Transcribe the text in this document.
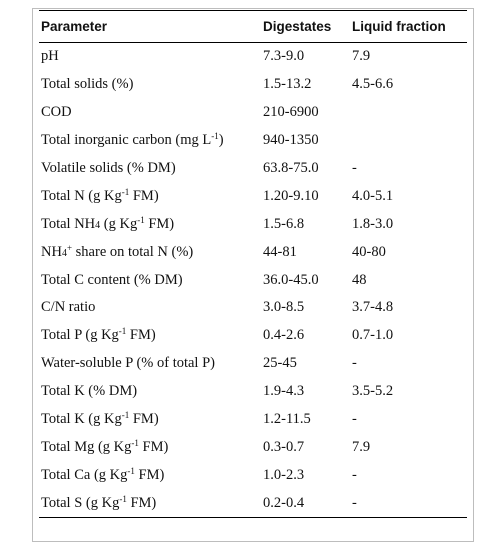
Parameter	Digestates	Liquid fraction
pH	7.3-9.0	7.9
Total solids (%)	1.5-13.2	4.5-6.6
COD	210-6900	
Total inorganic carbon (mg $L^{-1}$)	940-1350	
Volatile solids (% DM)	63.8-75.0	-
Total N (g $Kg^{-1}$ FM)	1.20-9.10	4.0-5.1
Total NH4 (g $Kg^{-1}$ FM)	1.5-6.8	1.8-3.0
NH4+ share on total N (%)	44-81	40-80
Total C content (% DM)	36.0-45.0	48
C/N ratio	3.0-8.5	3.7-4.8
Total P (g $Kg^{-1}$ FM)	0.4-2.6	0.7-1.0
Water-soluble P (% of total P)	25-45	-
Total K (% DM)	1.9-4.3	3.5-5.2
Total K (g $Kg^{-1}$ FM)	1.2-11.5	-
Total Mg (g $Kg^{-1}$ FM)	0.3-0.7	7.9
Total Ca (g $Kg^{-1}$ FM)	1.0-2.3	-
Total S (g $Kg^{-1}$ FM)	0.2-0.4	-
